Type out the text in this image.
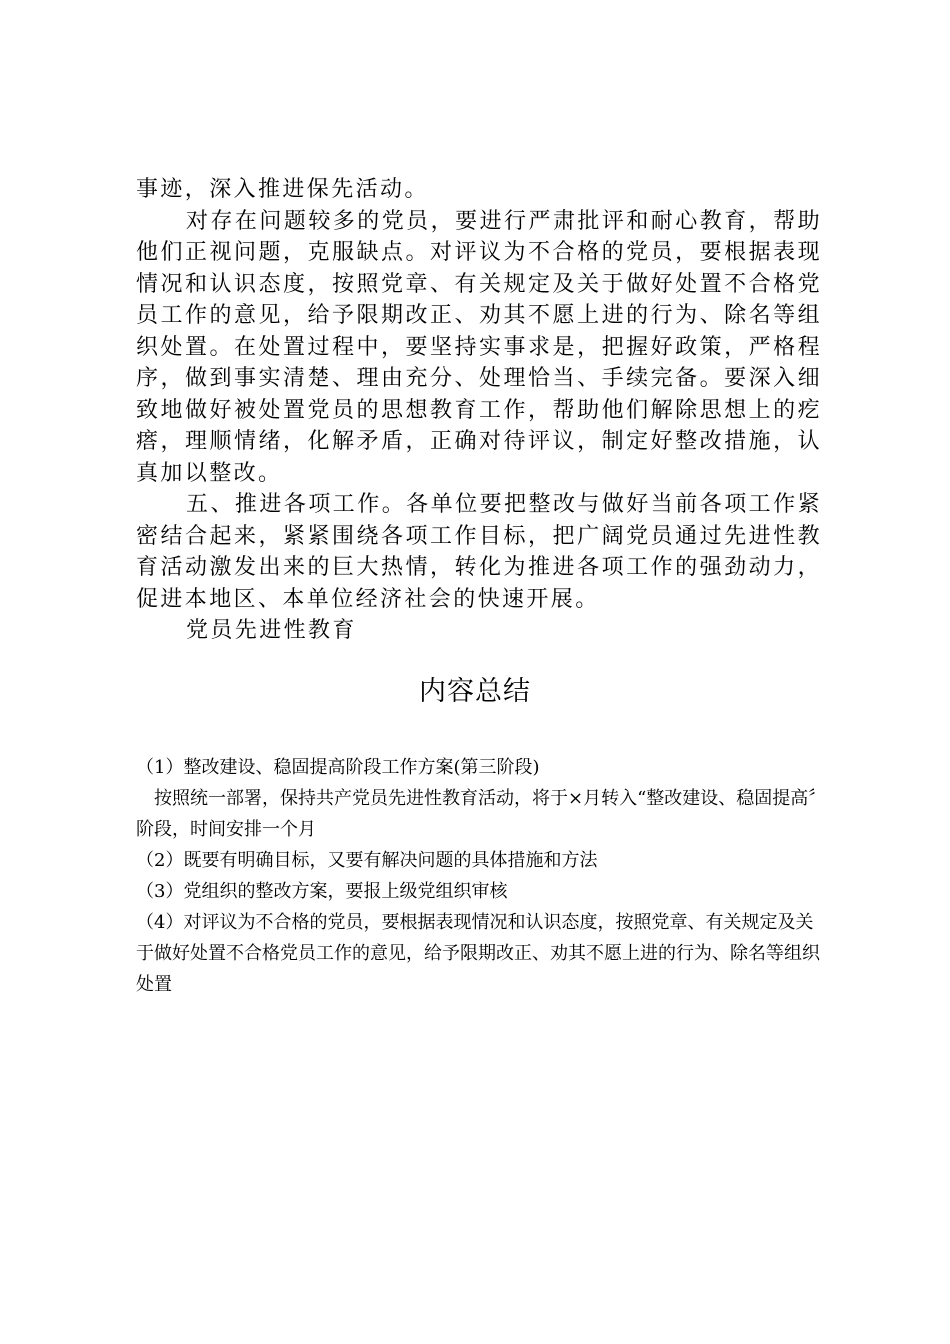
事迹，深入推进保先活动。

对存在问题较多的党员，要进行严肃批评和耐心教育，帮助他们正视问题，克服缺点。对评议为不合格的党员，要根据表现情况和认识态度，按照党章、有关规定及关于做好处置不合格党员工作的意见，给予限期改正、劝其不愿上进的行为、除名等组织处置。在处置过程中，要坚持实事求是，把握好政策，严格程序，做到事实清楚、理由充分、处理恰当、手续完备。要深入细致地做好被处置党员的思想教育工作，帮助他们解除思想上的疙瘩，理顺情绪，化解矛盾，正确对待评议，制定好整改措施，认真加以整改。

五、推进各项工作。各单位要把整改与做好当前各项工作紧密结合起来，紧紧围绕各项工作目标，把广阔党员通过先进性教育活动激发出来的巨大热情，转化为推进各项工作的强劲动力，促进本地区、本单位经济社会的快速开展。

党员先进性教育

内容总结

（1）整改建设、稳固提高阶段工作方案(第三阶段)

按照统一部署，保持共产党员先进性教育活动，将于×月转入“整改建设、稳固提高〞阶段，时间安排一个月

（2）既要有明确目标，又要有解决问题的具体措施和方法

（3）党组织的整改方案，要报上级党组织审核

（4）对评议为不合格的党员，要根据表现情况和认识态度，按照党章、有关规定及关于做好处置不合格党员工作的意见，给予限期改正、劝其不愿上进的行为、除名等组织处置
